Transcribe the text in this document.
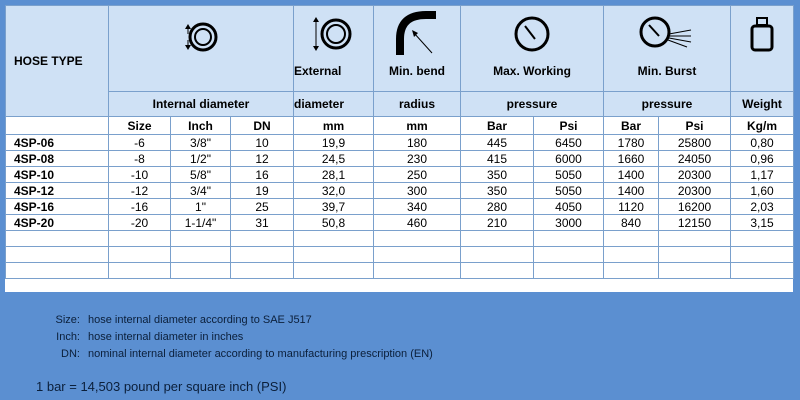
HOSE TYPE				External	Min. bend	Max. Working		Min. Burst

	Internal diameter			diameter	radius	pressure		pressure		Weight
	Size	Inch	DN	mm	mm	Bar	Psi	Bar	Psi	Kg/m
4SP-06	-6	3/8"	10	19,9	180	445	6450	1780	25800	0,80
4SP-08	-8	1/2"	12	24,5	230	415	6000	1660	24050	0,96
4SP-10	-10	5/8"	16	28,1	250	350	5050	1400	20300	1,17
4SP-12	-12	3/4"	19	32,0	300	350	5050	1400	20300	1,60
4SP-16	-16	1"	25	39,7	340	280	4050	1120	16200	2,03
4SP-20	-20	1-1/4"	31	50,8	460	210	3000	840	12150	3,15

Size: hose internal diameter according to SAE J517
Inch: hose internal diameter in inches
DN: nominal internal diameter according to manufacturing prescription (EN)
1 bar = 14,503 pound per square inch (PSI)
